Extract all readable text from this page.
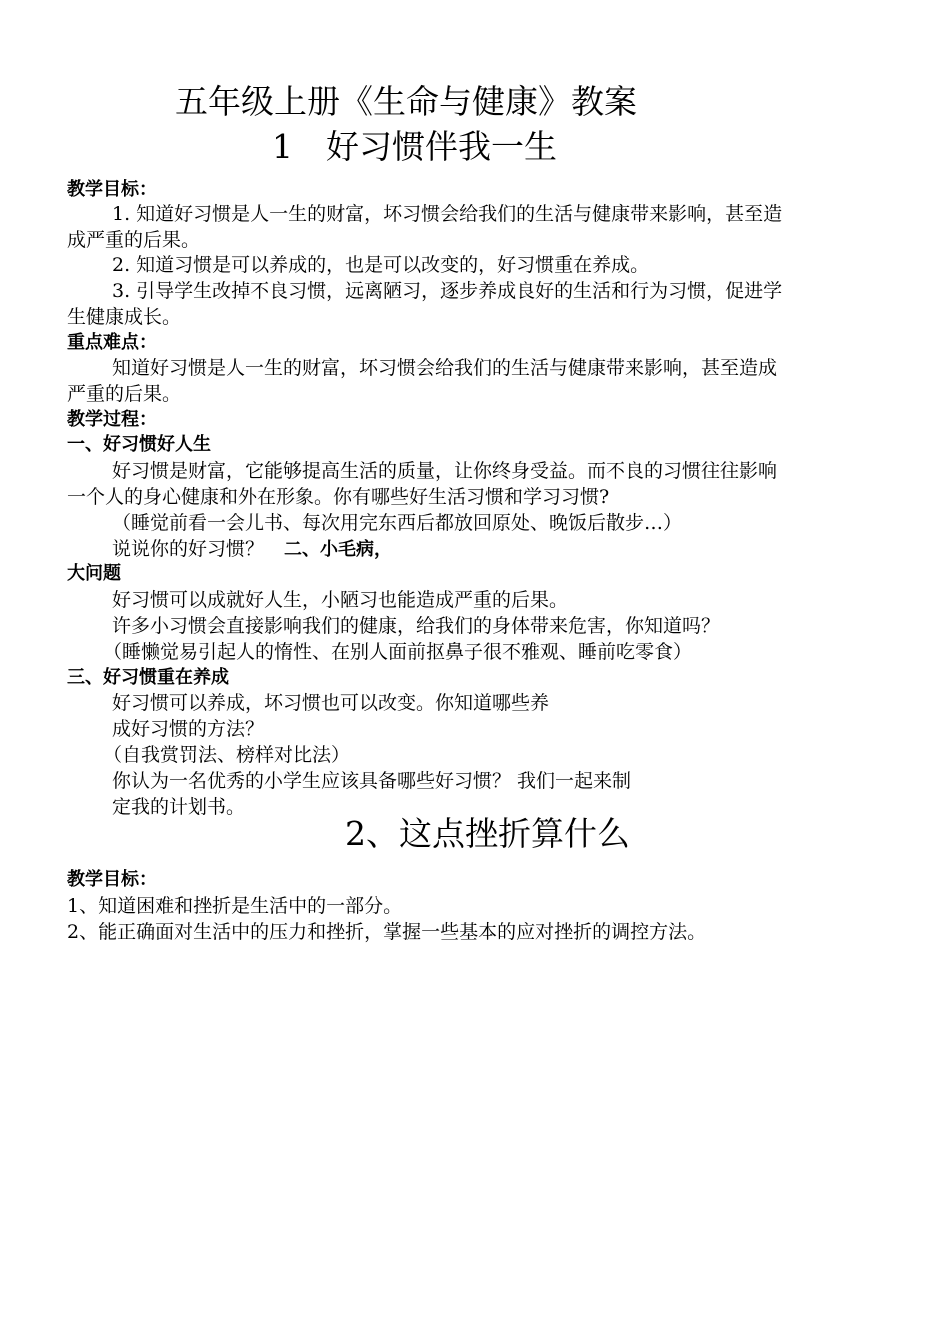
五年级上册《生命与健康》教案
1　好习惯伴我一生

教学目标：

1. 知道好习惯是人一生的财富，坏习惯会给我们的生活与健康带来影响，甚至造

成严重的后果。

2. 知道习惯是可以养成的，也是可以改变的，好习惯重在养成。

3. 引导学生改掉不良习惯，远离陋习，逐步养成良好的生活和行为习惯，促进学

生健康成长。

重点难点：

知道好习惯是人一生的财富，坏习惯会给我们的生活与健康带来影响，甚至造成

严重的后果。

教学过程：

一、好习惯好人生

好习惯是财富，它能够提高生活的质量，让你终身受益。而不良的习惯往往影响

一个人的身心健康和外在形象。你有哪些好生活习惯和学习习惯?

（睡觉前看一会儿书、每次用完东西后都放回原处、晚饭后散步…）

说说你的好习惯？ 二、小毛病，

大问题

好习惯可以成就好人生，小陋习也能造成严重的后果。

许多小习惯会直接影响我们的健康，给我们的身体带来危害，你知道吗？

（睡懒觉易引起人的惰性、在别人面前抠鼻子很不雅观、睡前吃零食）

三、好习惯重在养成

好习惯可以养成，坏习惯也可以改变。你知道哪些养

成好习惯的方法？

（自我赏罚法、榜样对比法）

你认为一名优秀的小学生应该具备哪些好习惯？ 我们一起来制

定我的计划书。

2、这点挫折算什么

教学目标：

1、知道困难和挫折是生活中的一部分。

2、能正确面对生活中的压力和挫折，掌握一些基本的应对挫折的调控方法。
